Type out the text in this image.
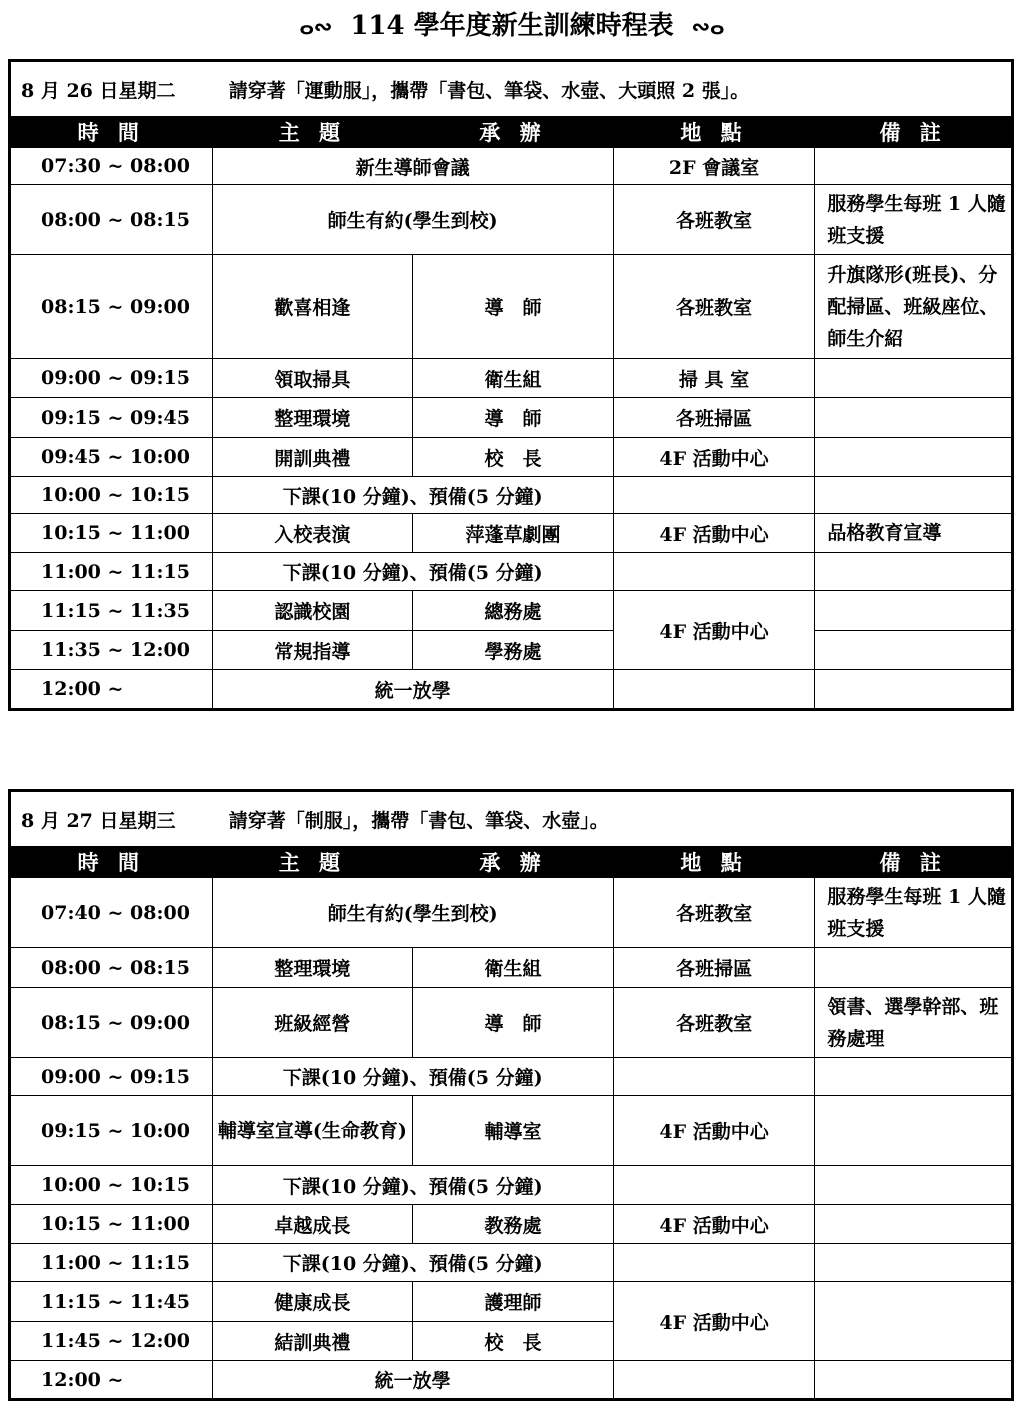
ⴰ∾ 114 學年度新生訓練時程表 ∾ⴰ
8 月 26 日星期二 請穿著「運動服」，攜帶「書包、筆袋、水壺、大頭照 2 張」。				
時 間	主 題	承 辦	地 點	備 註
07:30 ~ 08:00	新生導師會議		2F 會議室	
08:00 ~ 08:15	師生有約(學生到校)		各班教室	服務學生每班 1 人隨班支援
08:15 ~ 09:00	歡喜相逢	導　師	各班教室	升旗隊形(班長)、分配掃區、班級座位、師生介紹
09:00 ~ 09:15	領取掃具	衛生組	掃 具 室	
09:15 ~ 09:45	整理環境	導　師	各班掃區	
09:45 ~ 10:00	開訓典禮	校　長	4F 活動中心	
10:00 ~ 10:15	下課(10 分鐘)、預備(5 分鐘)			
10:15 ~ 11:00	入校表演	萍蓬草劇團	4F 活動中心	品格教育宣導
11:00 ~ 11:15	下課(10 分鐘)、預備(5 分鐘)			
11:15 ~ 11:35	認識校園	總務處	4F 活動中心	
11:35 ~ 12:00	常規指導	學務處		
12:00 ~	統一放學			
8 月 27 日星期三 請穿著「制服」，攜帶「書包、筆袋、水壺」。				
時 間	主 題	承 辦	地 點	備 註
07:40 ~ 08:00	師生有約(學生到校)		各班教室	服務學生每班 1 人隨班支援
08:00 ~ 08:15	整理環境	衛生組	各班掃區	
08:15 ~ 09:00	班級經營	導　師	各班教室	領書、選學幹部、班務處理
09:00 ~ 09:15	下課(10 分鐘)、預備(5 分鐘)			
09:15 ~ 10:00	輔導室宣導(生命教育)	輔導室	4F 活動中心	
10:00 ~ 10:15	下課(10 分鐘)、預備(5 分鐘)			
10:15 ~ 11:00	卓越成長	教務處	4F 活動中心	
11:00 ~ 11:15	下課(10 分鐘)、預備(5 分鐘)			
11:15 ~ 11:45	健康成長	護理師	4F 活動中心	
11:45 ~ 12:00	結訓典禮	校　長		
12:00 ~	統一放學			
